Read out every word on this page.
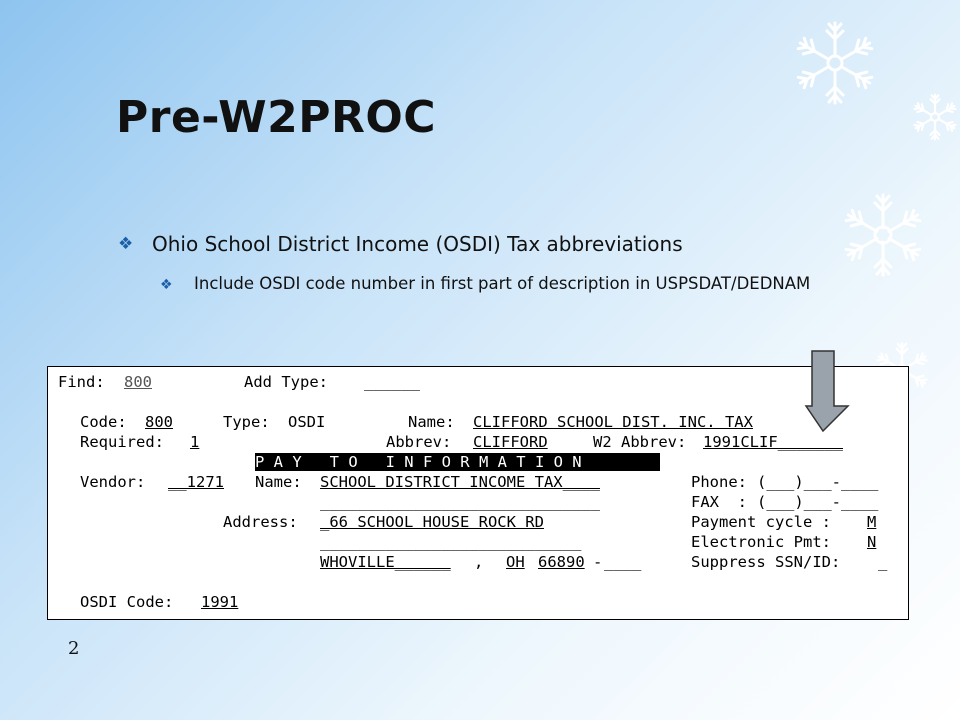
Pre-W2PROC
❖ Ohio School District Income (OSDI) Tax abbreviations
❖	Include OSDI code number in first part of description in USPSDAT/DEDNAM
Find: 800	Add Type: ______
Code: 800	Type: OSDI	Name: CLIFFORD SCHOOL DIST. INC. TAX
Required: 1	Abbrev: CLIFFORD	W2 Abbrev: 1991CLIF_______
P A Y   T O   I N F O R M A T I O N
Vendor: __1271 Name: SCHOOL DISTRICT INCOME TAX____	Phone: (___)___-____
______________________________	FAX  : (___)___-____
Address: _66 SCHOOL HOUSE ROCK RD	Payment cycle : M
____________________________	Electronic Pmt: N
WHOVILLE______ , OH 66890 - ____	Suppress SSN/ID: _
OSDI Code: 1991
2
